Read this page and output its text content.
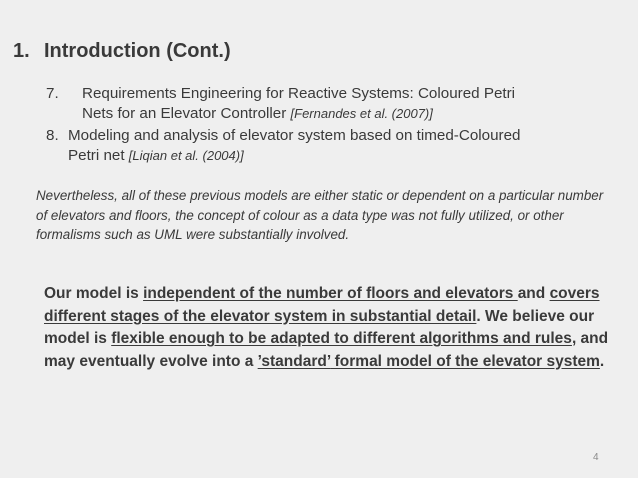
1. Introduction (Cont.)
7.	Requirements Engineering for Reactive Systems: Coloured Petri
Nets for an Elevator Controller [Fernandes et al. (2007)]
8. Modeling and analysis of elevator system based on timed-Coloured
Petri net [Liqian et al. (2004)]

Nevertheless, all of these previous models are either static or dependent on a particular number of elevators and floors, the concept of colour as a data type was not fully utilized, or other formalisms such as UML were substantially involved.

Our model is independent of the number of floors and elevators and covers different stages of the elevator system in substantial detail. We believe our model is flexible enough to be adapted to different algorithms and rules, and may eventually evolve into a ’standard’ formal model of the elevator system.

4
